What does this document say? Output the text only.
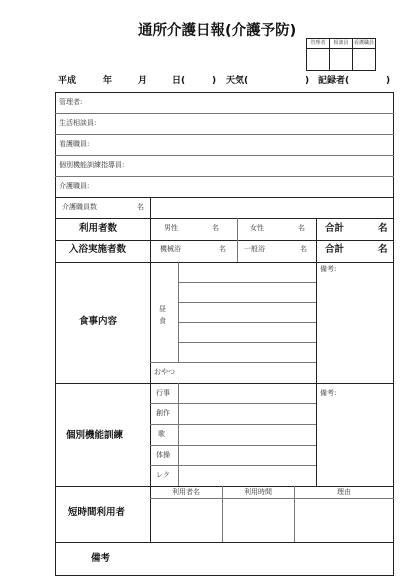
通所介護日報(介護予防)
管理者	相談員	看護職員
平成	年	月	日(	) 天気(	) 記録者(	)
管理者:
生活相談員:
看護職員:
個別機能訓練指導員:
介護職員:
介護職員数	名
利用者数	男性	名	女性	名 合計	名
入浴実施者数	機械浴	名	一般浴	名 合計	名
食事内容
昼食
おやつ
備考:
個別機能訓練
行事
創作
歌
体操
レク
備考:
短時間利用者
利用者名	利用時間	理由
備考
